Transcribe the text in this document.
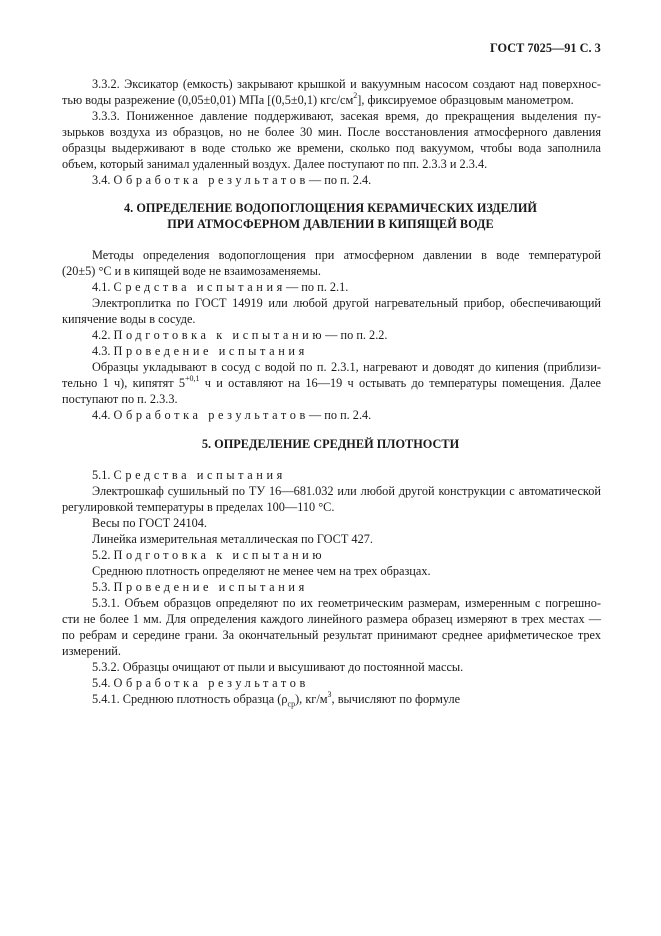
ГОСТ 7025—91 С. 3
3.3.2. Эксикатор (емкость) закрывают крышкой и вакуумным насосом создают над поверхнос-
тью воды разрежение (0,05±0,01) МПа [(0,5±0,1) кгс/$см^2$], фиксируемое образцовым манометром.
3.3.3. Пониженное давление поддерживают, засекая время, до прекращения выделения пу-
зырьков воздуха из образцов, но не более 30 мин. После восстановления атмосферного давления
образцы выдерживают в воде столько же времени, сколько под вакуумом, чтобы вода заполнила
объем, который занимал удаленный воздух. Далее поступают по пп. 2.3.3 и 2.3.4.
3.4. Обработка результатов— по п. 2.4.
4. ОПРЕДЕЛЕНИЕ ВОДОПОГЛОЩЕНИЯ КЕРАМИЧЕСКИХ ИЗДЕЛИЙ
ПРИ АТМОСФЕРНОМ ДАВЛЕНИИ В КИПЯЩЕЙ ВОДЕ
Методы определения водопоглощения при атмосферном давлении в воде температурой
(20±5) °С и в кипящей воде не взаимозаменяемы.
4.1. Средства испытания— по п. 2.1.
Электроплитка по ГОСТ 14919 или любой другой нагревательный прибор, обеспечивающий
кипячение воды в сосуде.
4.2. Подготовка к испытанию— по п. 2.2.
4.3. Проведение испытания
Образцы укладывают в сосуд с водой по п. 2.3.1, нагревают и доводят до кипения (приблизи-
тельно 1 ч), кипятят $5^{+0,1}$ ч и оставляют на 16—19 ч остывать до температуры помещения. Далее
поступают по п. 2.3.3.
4.4. Обработка результатов— по п. 2.4.
5. ОПРЕДЕЛЕНИЕ СРЕДНЕЙ ПЛОТНОСТИ
5.1. Средства испытания
Электрошкаф сушильный по ТУ 16—681.032 или любой другой конструкции с автоматической
регулировкой температуры в пределах 100—110 °С.
Весы по ГОСТ 24104.
Линейка измерительная металлическая по ГОСТ 427.
5.2. Подготовка к испытанию
Среднюю плотность определяют не менее чем на трех образцах.
5.3. Проведение испытания
5.3.1. Объем образцов определяют по их геометрическим размерам, измеренным с погрешно-
сти не более 1 мм. Для определения каждого линейного размера образец измеряют в трех местах —
по ребрам и середине грани. За окончательный результат принимают среднее арифметическое трех
измерений.
5.3.2. Образцы очищают от пыли и высушивают до постоянной массы.
5.4. Обработка результатов
5.4.1. Среднюю плотность образца $(\rho_{ср})$, $кг/м^3$, вычисляют по формуле
